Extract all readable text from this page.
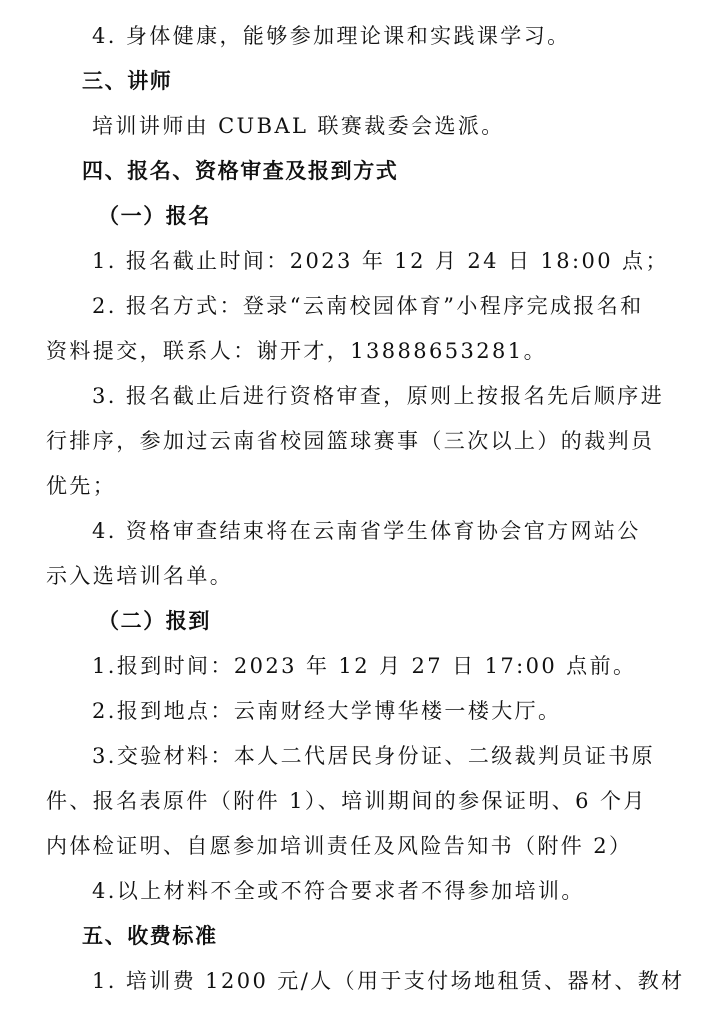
4. 身体健康，能够参加理论课和实践课学习。
三、讲师
培训讲师由 CUBAL 联赛裁委会选派。
四、报名、资格审查及报到方式
（一）报名
1. 报名截止时间：2023 年 12 月 24 日 18:00 点；
2. 报名方式：登录“云南校园体育”小程序完成报名和
资料提交，联系人：谢开才，13888653281。
3. 报名截止后进行资格审查，原则上按报名先后顺序进
行排序，参加过云南省校园篮球赛事（三次以上）的裁判员
优先；
4. 资格审查结束将在云南省学生体育协会官方网站公
示入选培训名单。
（二）报到
1.报到时间：2023 年 12 月 27 日 17:00 点前。
2.报到地点：云南财经大学博华楼一楼大厅。
3.交验材料：本人二代居民身份证、二级裁判员证书原
件、报名表原件（附件 1）、培训期间的参保证明、6 个月
内体检证明、自愿参加培训责任及风险告知书（附件 2）
4.以上材料不全或不符合要求者不得参加培训。
五、收费标准
1. 培训费 1200 元/人（用于支付场地租赁、器材、教材
